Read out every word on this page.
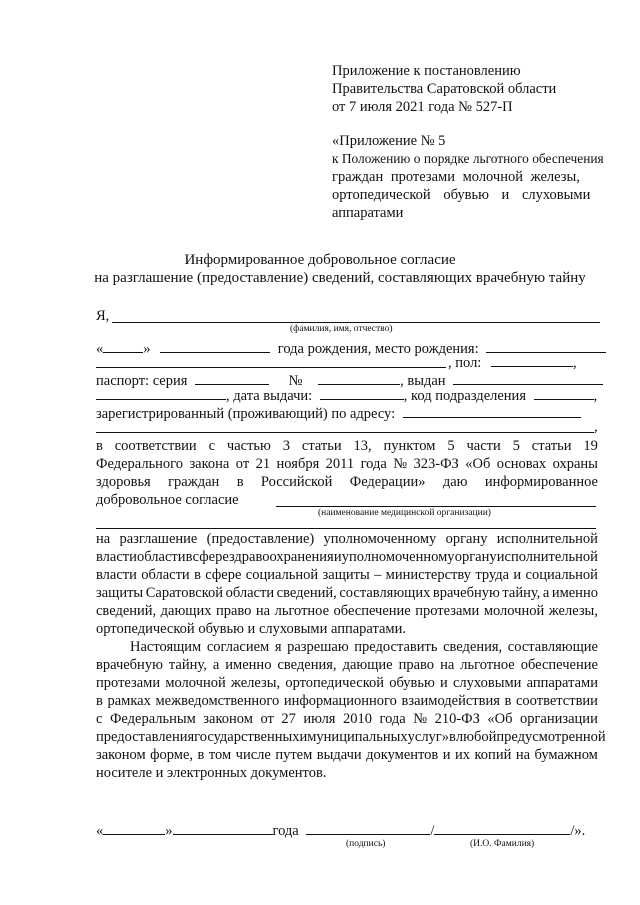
Приложение к постановлению
Правительства Саратовской области
от 7 июля 2021 года № 527-П
«Приложение № 5
к Положению о порядке льготного обеспечения
граждан протезами молочной железы,
ортопедической обувью и слуховыми
аппаратами
Информированное добровольное согласие
на разглашение (предоставление) сведений, составляющих врачебную тайну
Я,
(фамилия, имя, отчество)
«	»	года рождения, место рождения:
, пол:	,
паспорт: серия	№	, выдан
, дата выдачи:	, код подразделения	,
зарегистрированный (проживающий) по адресу:
,
в соответствии с частью 3 статьи 13, пунктом 5 части 5 статьи 19
Федерального закона от 21 ноября 2011 года № 323-ФЗ «Об основах охраны
здоровья граждан в Российской Федерации» даю информированное
добровольное согласие
(наименование медицинской организации)
на разглашение (предоставление) уполномоченному органу исполнительной
власти области в сфере здравоохранения и уполномоченному органу исполнительной
власти области в сфере социальной защиты – министерству труда и социальной
защиты Саратовской области сведений, составляющих врачебную тайну, а именно
сведений, дающих право на льготное обеспечение протезами молочной железы,
ортопедической обувью и слуховыми аппаратами.
Настоящим согласием я разрешаю предоставить сведения, составляющие
врачебную тайну, а именно сведения, дающие право на льготное обеспечение
протезами молочной железы, ортопедической обувью и слуховыми аппаратами
в рамках межведомственного информационного взаимодействия в соответствии
с Федеральным законом от 27 июля 2010 года № 210-ФЗ «Об организации
предоставления государственных и муниципальных услуг» в любой предусмотренной
законом форме, в том числе путем выдачи документов и их копий на бумажном
носителе и электронных документов.
«	»	года	/	/».
(подпись)	(И.О. Фамилия)
